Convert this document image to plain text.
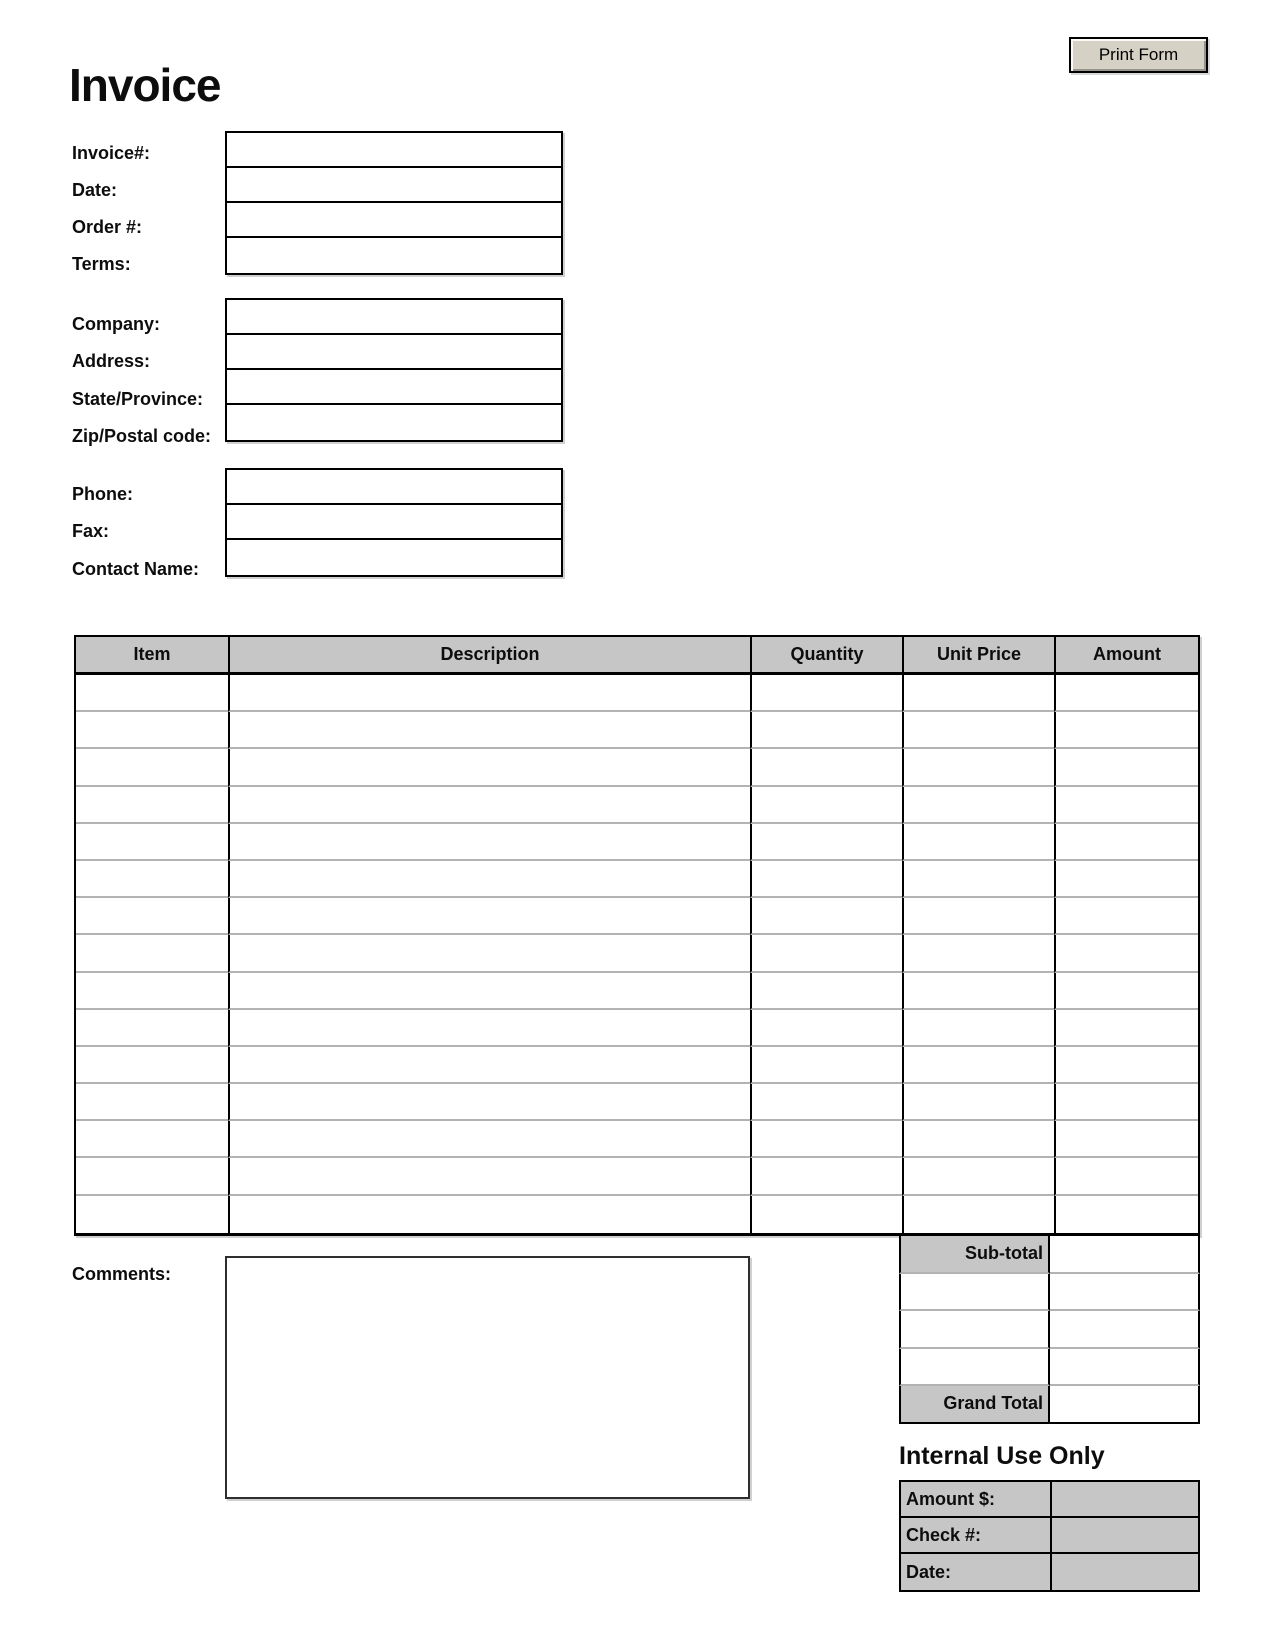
Print Form
Invoice
Invoice#:
Date:
Order #:
Terms:
Company:
Address:
State/Province:
Zip/Postal code:
Phone:
Fax:
Contact Name:
Item	Description	Quantity	Unit Price	Amount
Comments:
Sub-total
Grand Total
Internal Use Only
Amount $:
Check #:
Date:
